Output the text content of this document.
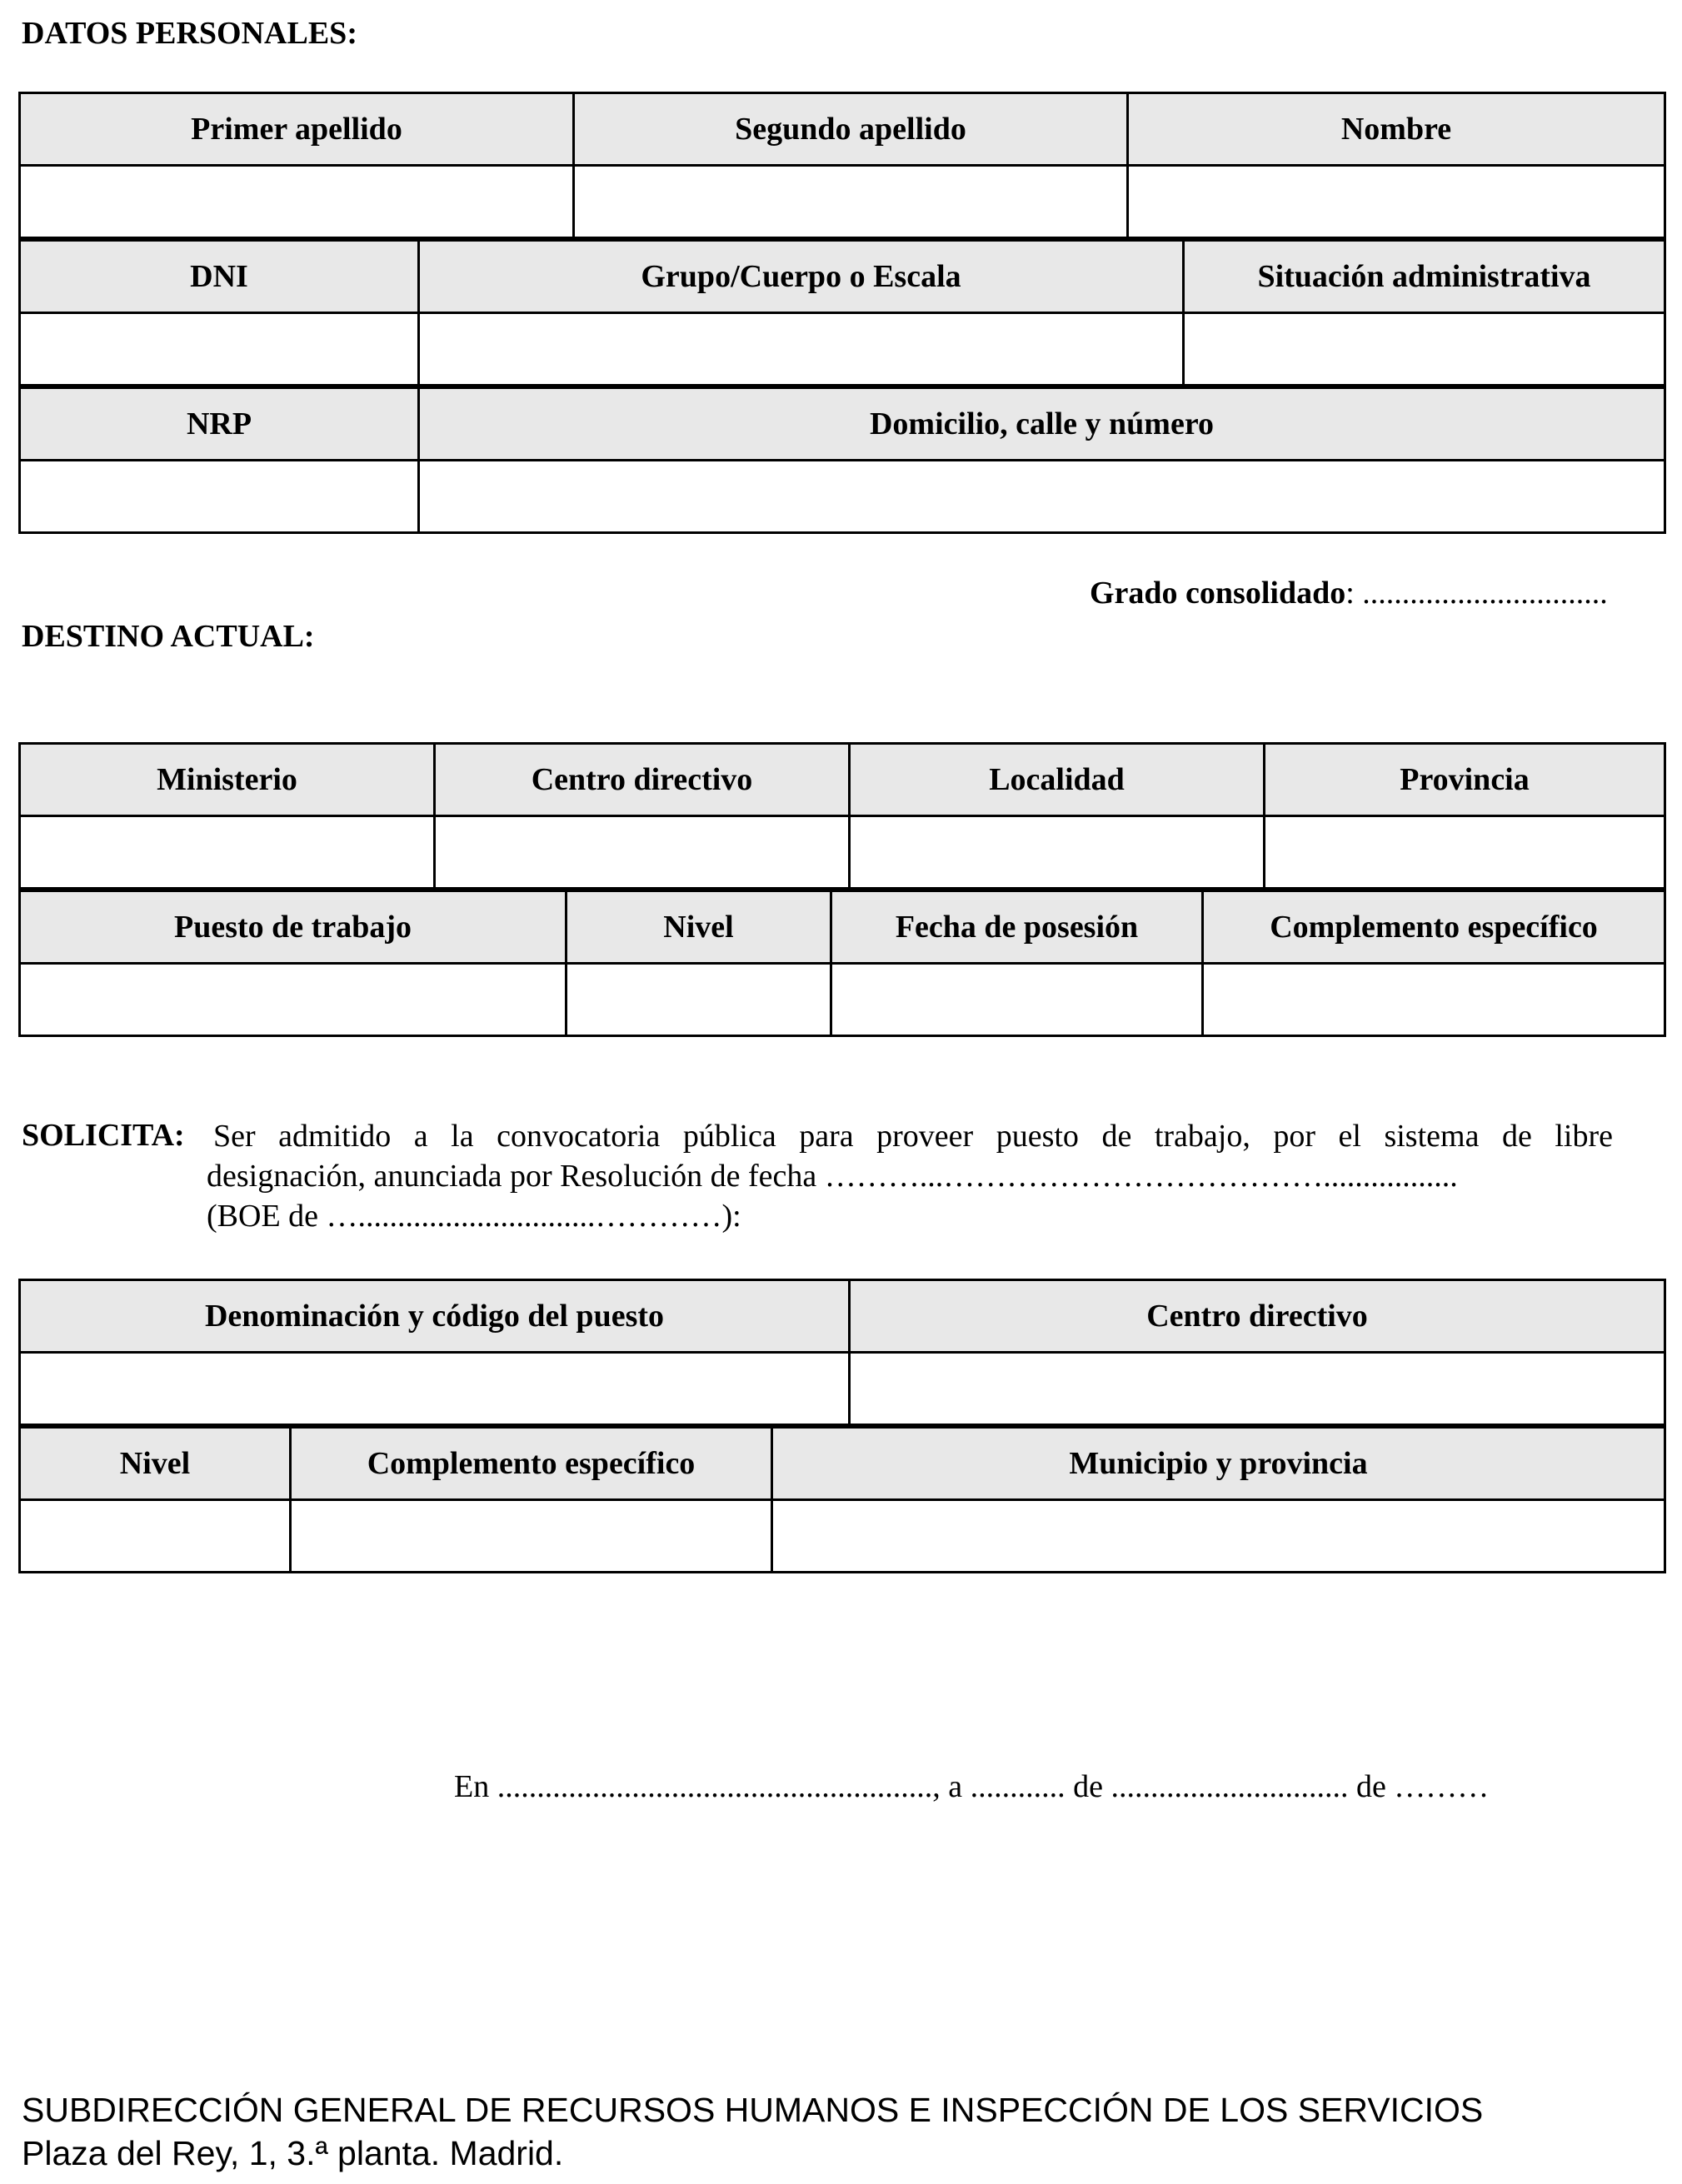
DATOS PERSONALES:
Primer apellido	Segundo apellido	Nombre

DNI	Grupo/Cuerpo o Escala	Situación administrativa

NRP	Domicilio, calle y número

Grado consolidado: ...............................
DESTINO ACTUAL:
Ministerio	Centro directivo	Localidad	Provincia

Puesto de trabajo	Nivel	Fecha de posesión	Complemento específico

SOLICITA: Ser admitido a la convocatoria pública para proveer puesto de trabajo, por el sistema de libre
designación, anunciada por Resolución de fecha ………...……………………………….................
(BOE de …..............................…………):
Denominación y código del puesto	Centro directivo

Nivel	Complemento específico	Municipio y provincia

En ......................................................., a ............ de .............................. de ………
SUBDIRECCIÓN GENERAL DE RECURSOS HUMANOS E INSPECCIÓN DE LOS SERVICIOS
Plaza del Rey, 1, 3.ª planta. Madrid.
